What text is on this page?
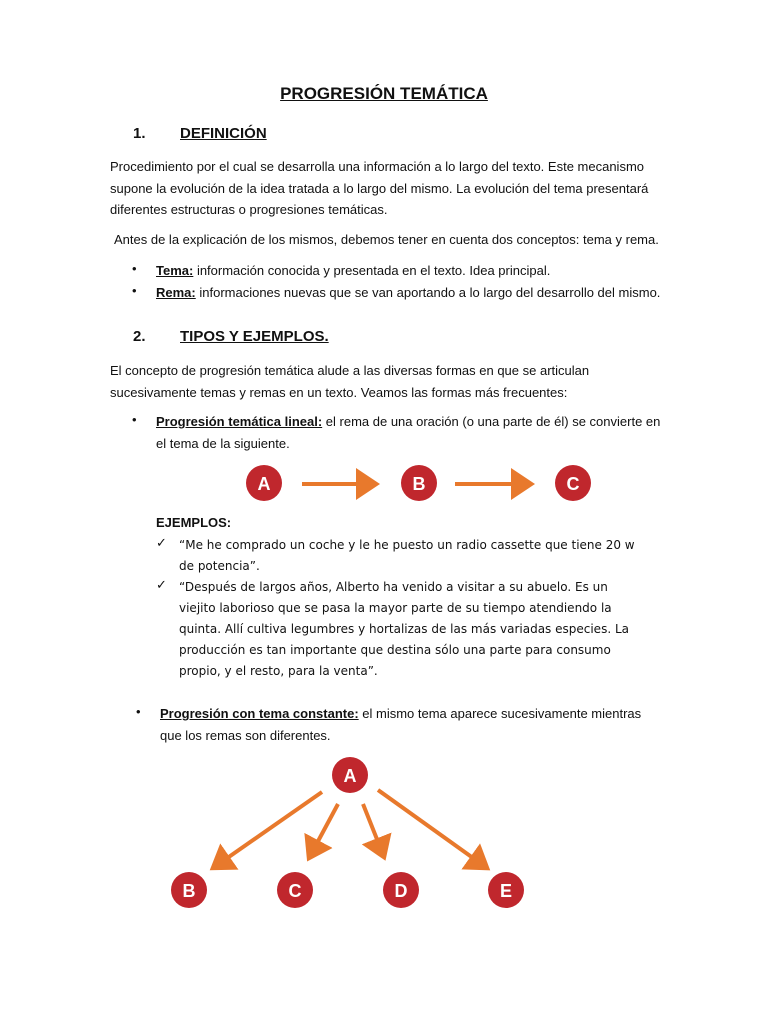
PROGRESIÓN TEMÁTICA
1. DEFINICIÓN

Procedimiento por el cual se desarrolla una información a lo largo del texto. Este mecanismo supone la evolución de la idea tratada a lo largo del mismo. La evolución del tema presentará diferentes estructuras o progresiones temáticas.

Antes de la explicación de los mismos, debemos tener en cuenta dos conceptos: tema y rema.

• Tema: información conocida y presentada en el texto. Idea principal.
• Rema: informaciones nuevas que se van aportando a lo largo del desarrollo del mismo.
2. TIPOS Y EJEMPLOS.

El concepto de progresión temática alude a las diversas formas en que se articulan sucesivamente temas y remas en un texto. Veamos las formas más frecuentes:

• Progresión temática lineal: el rema de una oración (o una parte de él) se convierte en el tema de la siguiente.
A	B	C
EJEMPLOS:
✓ “Me he comprado un coche y le he puesto un radio cassette que tiene 20 w de potencia”.
✓ “Después de largos años, Alberto ha venido a visitar a su abuelo. Es un viejito laborioso que se pasa la mayor parte de su tiempo atendiendo la quinta. Allí cultiva legumbres y hortalizas de las más variadas especies. La producción es tan importante que destina sólo una parte para consumo propio, y el resto, para la venta”.
• Progresión con tema constante: el mismo tema aparece sucesivamente mientras que los remas son diferentes.
A
B	C	D	E
